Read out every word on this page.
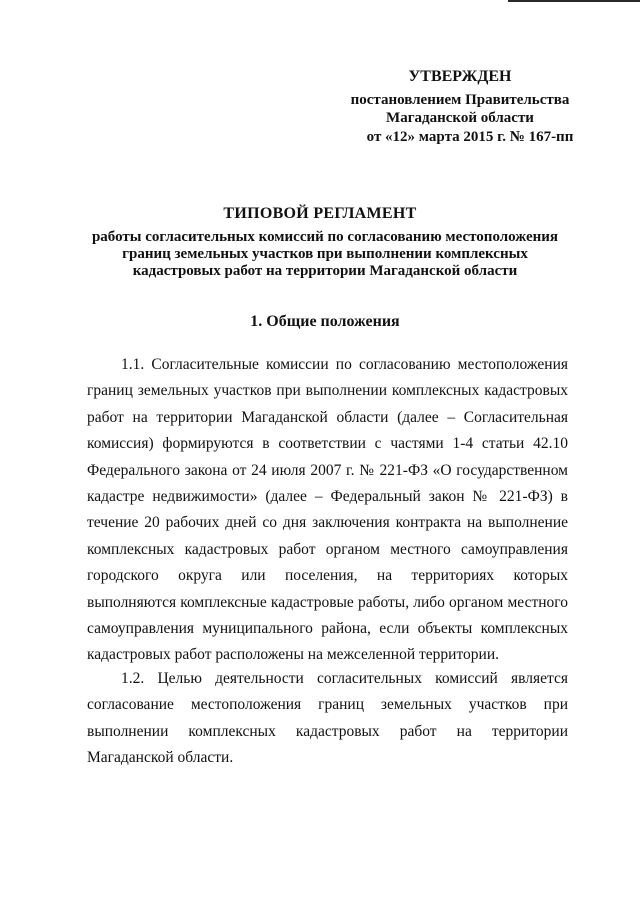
УТВЕРЖДЕН
постановлением Правительства Магаданской области
от «12» марта 2015 г. № 167-пп
ТИПОВОЙ РЕГЛАМЕНТ
работы согласительных комиссий по согласованию местоположения границ земельных участков при выполнении комплексных кадастровых работ на территории Магаданской области
1. Общие положения

1.1. Согласительные комиссии по согласованию местоположения границ земельных участков при выполнении комплексных кадастровых работ на территории Магаданской области (далее – Согласительная комиссия) формируются в соответствии с частями 1-4 статьи 42.10 Федерального закона от 24 июля 2007 г. № 221-ФЗ «О государственном кадастре недвижимости» (далее – Федеральный закон № 221-ФЗ) в течение 20 рабочих дней со дня заключения контракта на выполнение комплексных кадастровых работ органом местного самоуправления городского округа или поселения, на территориях которых выполняются комплексные кадастровые работы, либо органом местного самоуправления муниципального района, если объекты комплексных кадастровых работ расположены на межселенной территории.

1.2. Целью деятельности согласительных комиссий является согласование местоположения границ земельных участков при выполнении комплексных кадастровых работ на территории Магаданской области.
